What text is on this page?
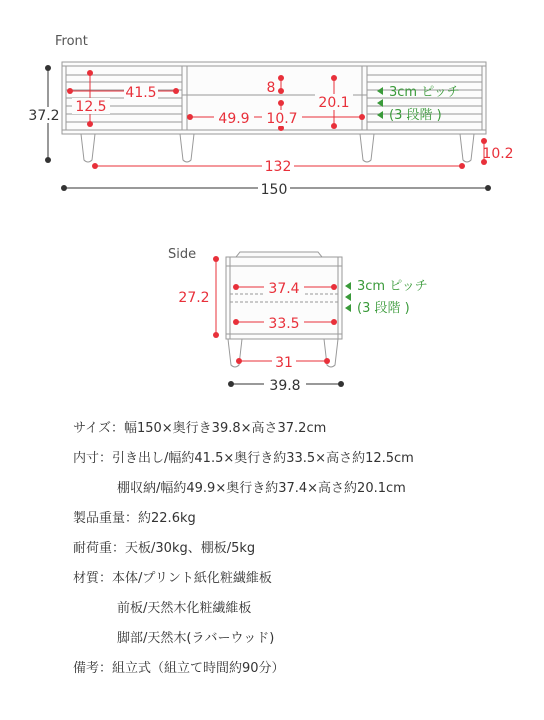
Front
37.2
150
41.5
12.5
8
49.9 10.7
20.1
10.2
132
3cm ピッチ
(3 段階 )
Side
27.2
37.4
33.5
31
39.8
3cm ピッチ
(3 段階 )
サイズ：幅150×奥行き39.8×高さ37.2cm
内寸：引き出し/幅約41.5×奥行き約33.5×高さ約12.5cm
棚収納/幅約49.9×奥行き約37.4×高さ約20.1cm
製品重量：約22.6kg
耐荷重：天板/30kg、棚板/5kg
材質：本体/プリント紙化粧繊維板
前板/天然木化粧繊維板
脚部/天然木(ラバーウッド)
備考：組立式（組立て時間約90分）
